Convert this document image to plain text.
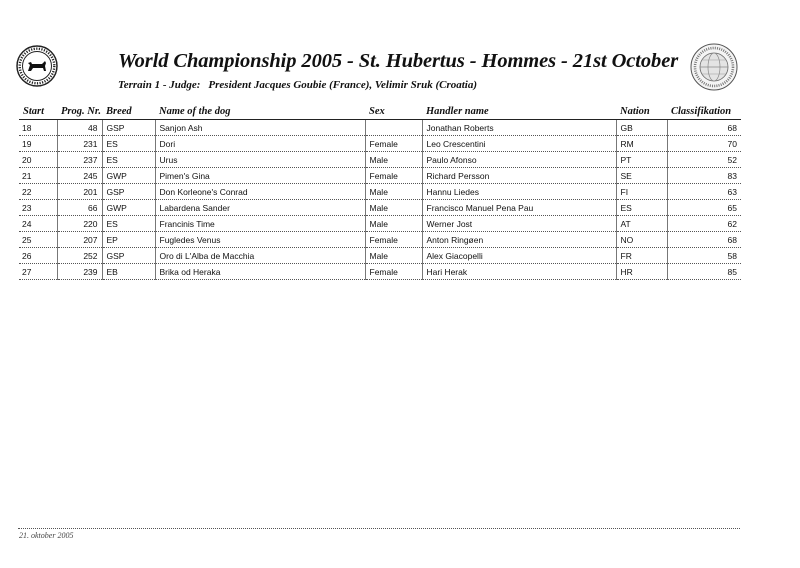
World Championship 2005 - St. Hubertus - Hommes - 21st October
Terrain 1 - Judge: President Jacques Goubie (France), Velimir Sruk (Croatia)
Start	Prog. Nr.	Breed	Name of the dog	Sex	Handler name	Nation	Classifikation
18	48	GSP	Sanjon Ash		Jonathan Roberts	GB	68
19	231	ES	Dori	Female	Leo Crescentini	RM	70
20	237	ES	Urus	Male	Paulo Afonso	PT	52
21	245	GWP	Pimen's Gina	Female	Richard Persson	SE	83
22	201	GSP	Don Korleone's Conrad	Male	Hannu Liedes	FI	63
23	66	GWP	Labardena Sander	Male	Francisco Manuel Pena Pau	ES	65
24	220	ES	Francinis Time	Male	Werner Jost	AT	62
25	207	EP	Fugledes Venus	Female	Anton Ringøen	NO	68
26	252	GSP	Oro di L'Alba de Macchia	Male	Alex Giacopelli	FR	58
27	239	EB	Brika od Heraka	Female	Hari Herak	HR	85
21. oktober 2005
